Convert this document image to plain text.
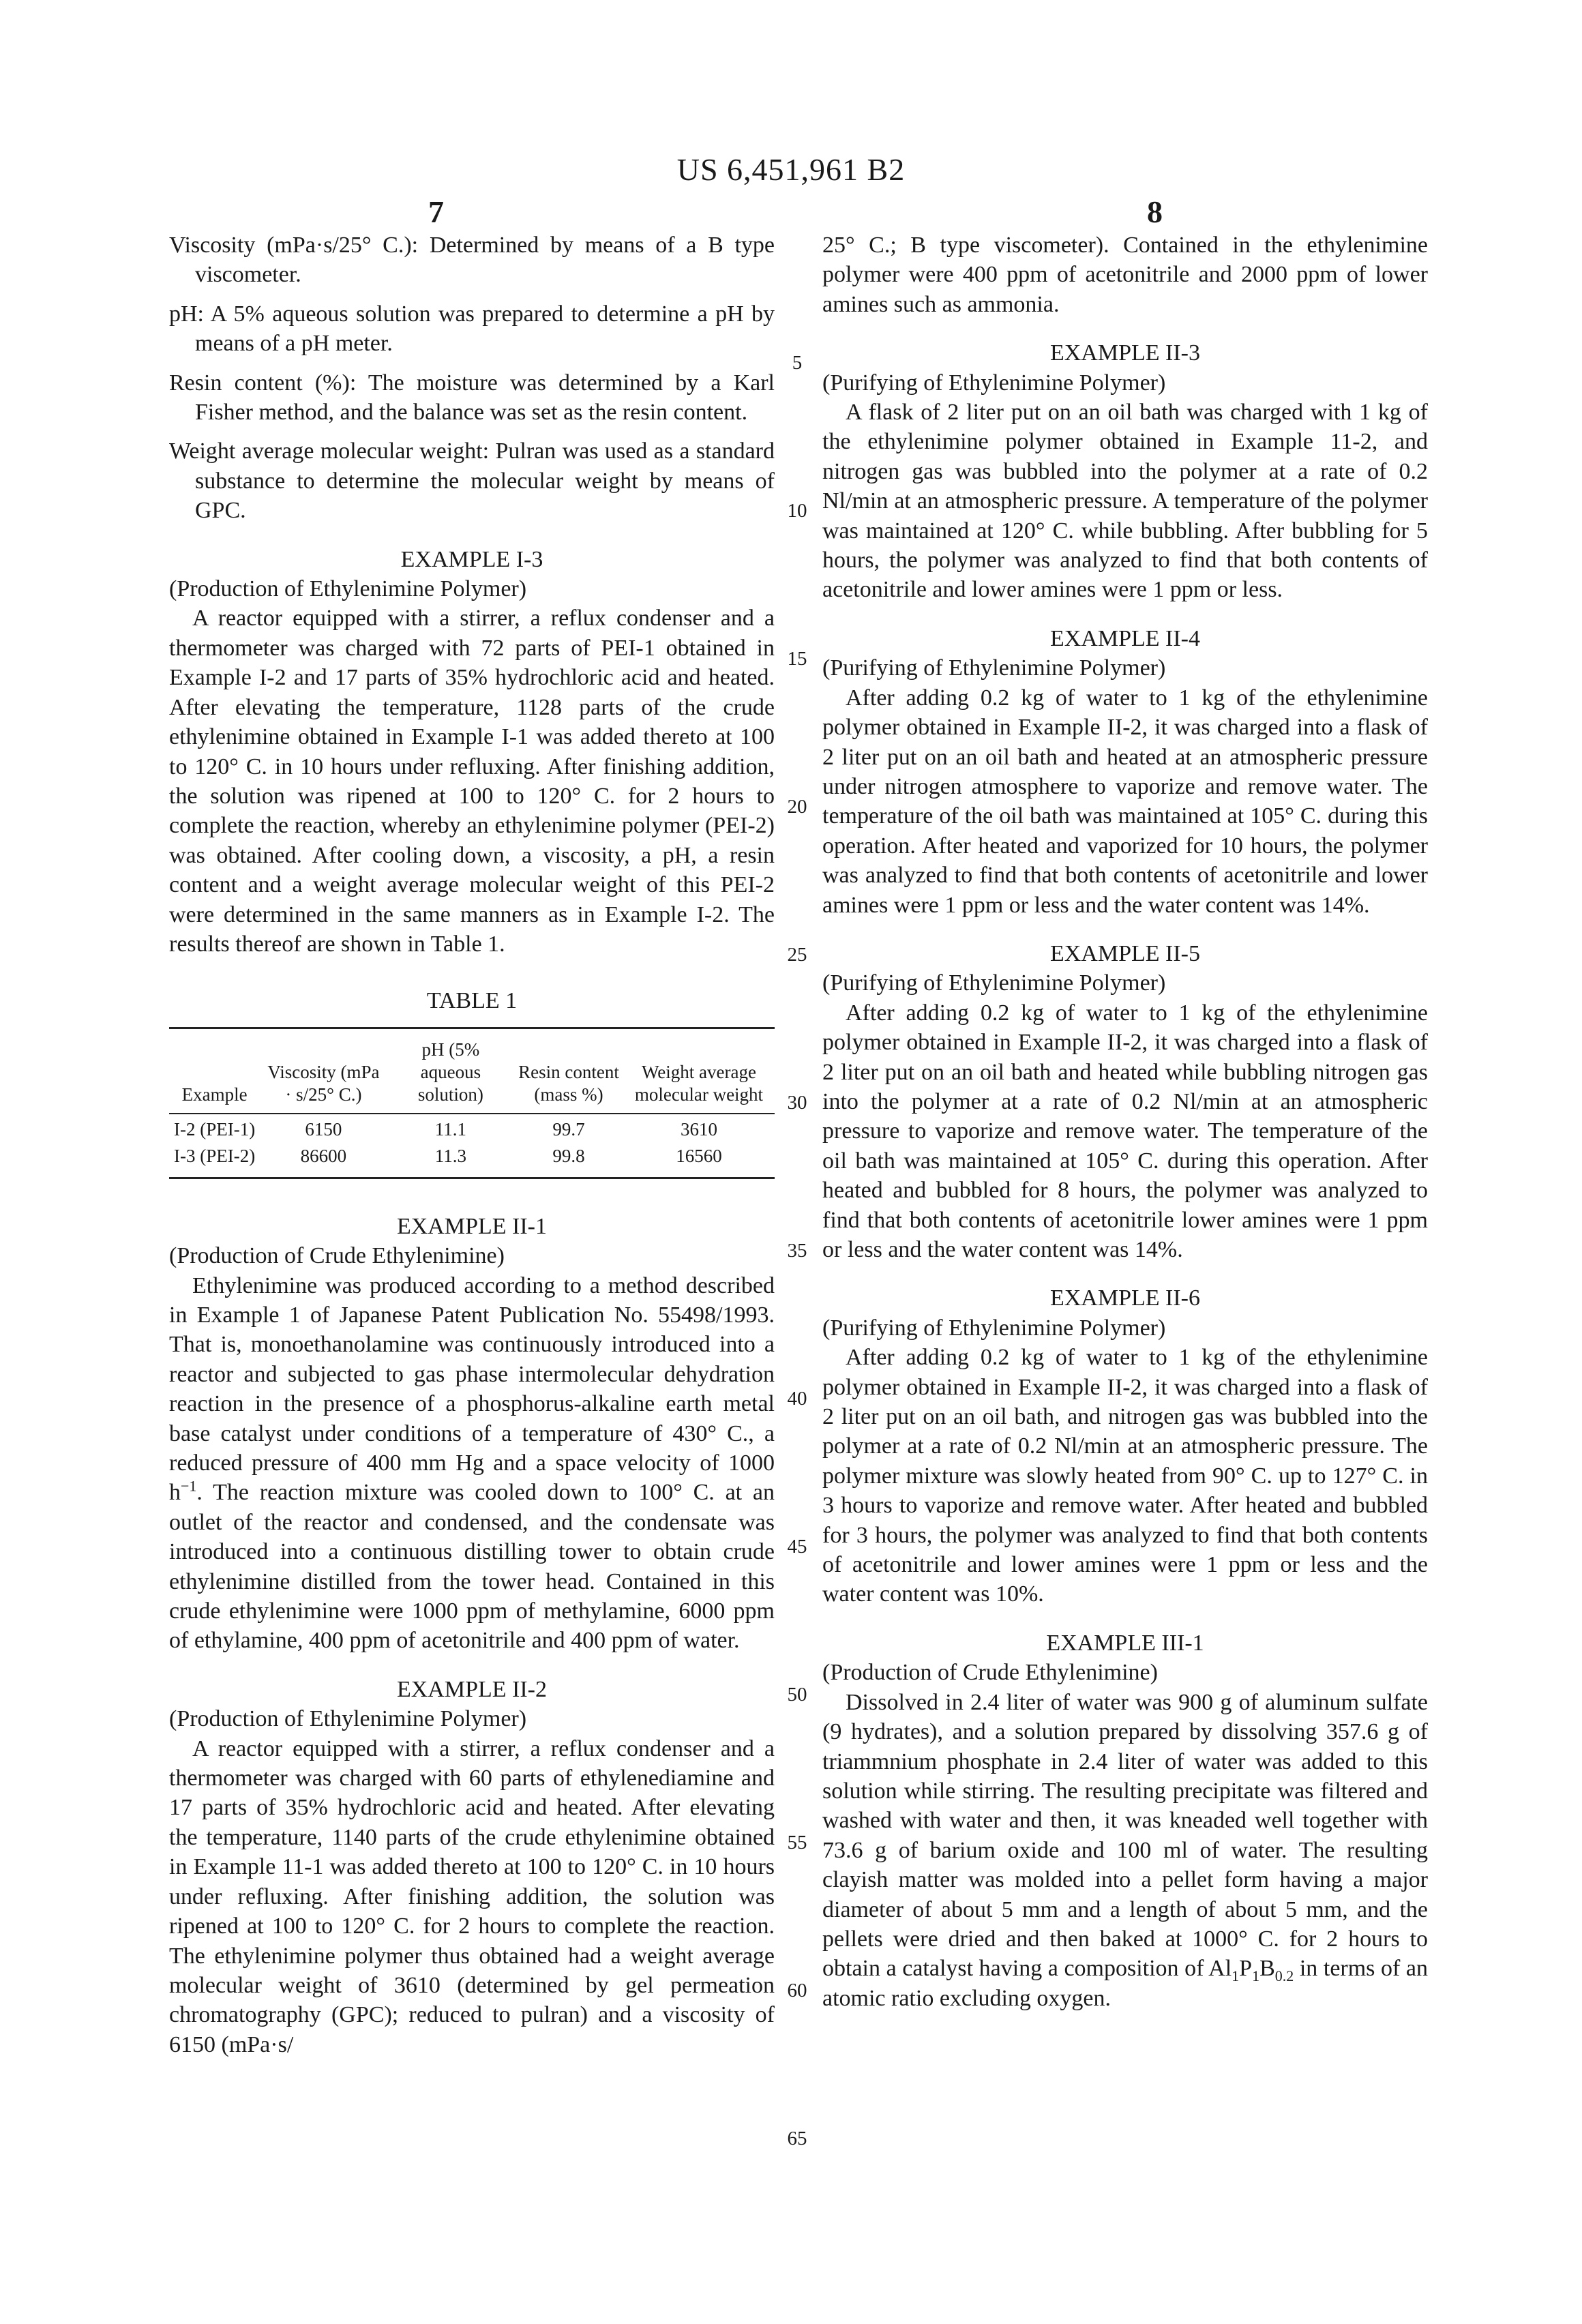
US 6,451,961 B2
7	8

Viscosity (mPa·s/25° C.): Determined by means of a B type viscometer.

pH: A 5% aqueous solution was prepared to determine a pH by means of a pH meter.

Resin content (%): The moisture was determined by a Karl Fisher method, and the balance was set as the resin content.

Weight average molecular weight: Pulran was used as a standard substance to determine the molecular weight by means of GPC.

EXAMPLE I-3

(Production of Ethylenimine Polymer)

A reactor equipped with a stirrer, a reflux condenser and a thermometer was charged with 72 parts of PEI-1 obtained in Example I-2 and 17 parts of 35% hydrochloric acid and heated. After elevating the temperature, 1128 parts of the crude ethylenimine obtained in Example I-1 was added thereto at 100 to 120° C. in 10 hours under refluxing. After finishing addition, the solution was ripened at 100 to 120° C. for 2 hours to complete the reaction, whereby an ethylenimine polymer (PEI-2) was obtained. After cooling down, a viscosity, a pH, a resin content and a weight average molecular weight of this PEI-2 were determined in the same manners as in Example I-2. The results thereof are shown in Table 1.

TABLE 1

Example	Viscosity (mPa · s/25° C.)	pH (5% aqueous solution)	Resin content (mass %)	Weight average molecular weight
I-2 (PEI-1)	6150	11.1	99.7	3610
I-3 (PEI-2)	86600	11.3	99.8	16560

EXAMPLE II-1

(Production of Crude Ethylenimine)

Ethylenimine was produced according to a method described in Example 1 of Japanese Patent Publication No. 55498/1993. That is, monoethanolamine was continuously introduced into a reactor and subjected to gas phase intermolecular dehydration reaction in the presence of a phosphorus-alkaline earth metal base catalyst under conditions of a temperature of 430° C., a reduced pressure of 400 mm Hg and a space velocity of 1000 $h^{-1}$. The reaction mixture was cooled down to 100° C. at an outlet of the reactor and condensed, and the condensate was introduced into a continuous distilling tower to obtain crude ethylenimine distilled from the tower head. Contained in this crude ethylenimine were 1000 ppm of methylamine, 6000 ppm of ethylamine, 400 ppm of acetonitrile and 400 ppm of water.

EXAMPLE II-2

(Production of Ethylenimine Polymer)

A reactor equipped with a stirrer, a reflux condenser and a thermometer was charged with 60 parts of ethylenediamine and 17 parts of 35% hydrochloric acid and heated. After elevating the temperature, 1140 parts of the crude ethylenimine obtained in Example 11-1 was added thereto at 100 to 120° C. in 10 hours under refluxing. After finishing addition, the solution was ripened at 100 to 120° C. for 2 hours to complete the reaction. The ethylenimine polymer thus obtained had a weight average molecular weight of 3610 (determined by gel permeation chromatography (GPC); reduced to pulran) and a viscosity of 6150 (mPa·s/

5
10
15
20
25
30
35
40
45
50
55
60
65

25° C.; B type viscometer). Contained in the ethylenimine polymer were 400 ppm of acetonitrile and 2000 ppm of lower amines such as ammonia.

EXAMPLE II-3

(Purifying of Ethylenimine Polymer)

A flask of 2 liter put on an oil bath was charged with 1 kg of the ethylenimine polymer obtained in Example 11-2, and nitrogen gas was bubbled into the polymer at a rate of 0.2 Nl/min at an atmospheric pressure. A temperature of the polymer was maintained at 120° C. while bubbling. After bubbling for 5 hours, the polymer was analyzed to find that both contents of acetonitrile and lower amines were 1 ppm or less.

EXAMPLE II-4

(Purifying of Ethylenimine Polymer)

After adding 0.2 kg of water to 1 kg of the ethylenimine polymer obtained in Example II-2, it was charged into a flask of 2 liter put on an oil bath and heated at an atmospheric pressure under nitrogen atmosphere to vaporize and remove water. The temperature of the oil bath was maintained at 105° C. during this operation. After heated and vaporized for 10 hours, the polymer was analyzed to find that both contents of acetonitrile and lower amines were 1 ppm or less and the water content was 14%.

EXAMPLE II-5

(Purifying of Ethylenimine Polymer)

After adding 0.2 kg of water to 1 kg of the ethylenimine polymer obtained in Example II-2, it was charged into a flask of 2 liter put on an oil bath and heated while bubbling nitrogen gas into the polymer at a rate of 0.2 Nl/min at an atmospheric pressure to vaporize and remove water. The temperature of the oil bath was maintained at 105° C. during this operation. After heated and bubbled for 8 hours, the polymer was analyzed to find that both contents of acetonitrile lower amines were 1 ppm or less and the water content was 14%.

EXAMPLE II-6

(Purifying of Ethylenimine Polymer)

After adding 0.2 kg of water to 1 kg of the ethylenimine polymer obtained in Example II-2, it was charged into a flask of 2 liter put on an oil bath, and nitrogen gas was bubbled into the polymer at a rate of 0.2 Nl/min at an atmospheric pressure. The polymer mixture was slowly heated from 90° C. up to 127° C. in 3 hours to vaporize and remove water. After heated and bubbled for 3 hours, the polymer was analyzed to find that both contents of acetonitrile and lower amines were 1 ppm or less and the water content was 10%.

EXAMPLE III-1

(Production of Crude Ethylenimine)

Dissolved in 2.4 liter of water was 900 g of aluminum sulfate (9 hydrates), and a solution prepared by dissolving 357.6 g of triammnium phosphate in 2.4 liter of water was added to this solution while stirring. The resulting precipitate was filtered and washed with water and then, it was kneaded well together with 73.6 g of barium oxide and 100 ml of water. The resulting clayish matter was molded into a pellet form having a major diameter of about 5 mm and a length of about 5 mm, and the pellets were dried and then baked at 1000° C. for 2 hours to obtain a catalyst having a composition of $Al_1P_1B_{0.2}$ in terms of an atomic ratio excluding oxygen.
